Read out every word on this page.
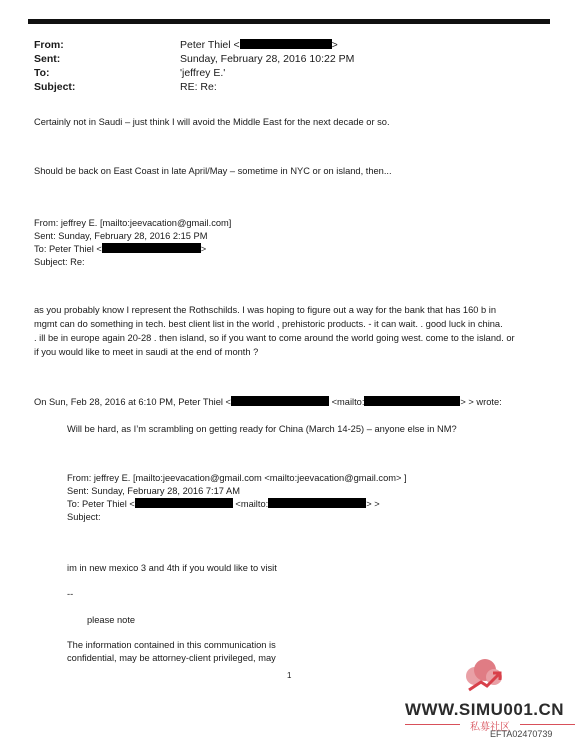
From:	Peter Thiel <	>
Sent:	Sunday, February 28, 2016 10:22 PM
To:	'jeffrey E.'
Subject:	RE: Re:
Certainly not in Saudi – just think I will avoid the Middle East for the next decade or so.
Should be back on East Coast in late April/May – sometime in NYC or on island, then...
From: jeffrey E. [mailto:jeevacation@gmail.com]
Sent: Sunday, February 28, 2016 2:15 PM
To: Peter Thiel <	>
Subject: Re:
as you probably know I represent the Rothschilds. I was hoping to figure out a way for the bank that has 160 b in
mgmt can do something in tech. best client list in the world , prehistoric products. - it can wait. . good luck in china.
. ill be in europe again 20-28 . then island, so if you want to come around the world going west. come to the island. or
if you would like to meet in saudi at the end of month ?
On Sun, Feb 28, 2016 at 6:10 PM, Peter Thiel <	<mailto:	> > wrote:
Will be hard, as I’m scrambling on getting ready for China (March 14-25) – anyone else in NM?
From: jeffrey E. [mailto:jeevacation@gmail.com <mailto:jeevacation@gmail.com> ]
Sent: Sunday, February 28, 2016 7:17 AM
To: Peter Thiel <	<mailto:	> >
Subject:
im in new mexico 3 and 4th if you would like to visit
--
please note
The information contained in this communication is
confidential, may be attorney-client privileged, may
1
WWW.SIMU001.CN
私募社区
EFTA02470739
